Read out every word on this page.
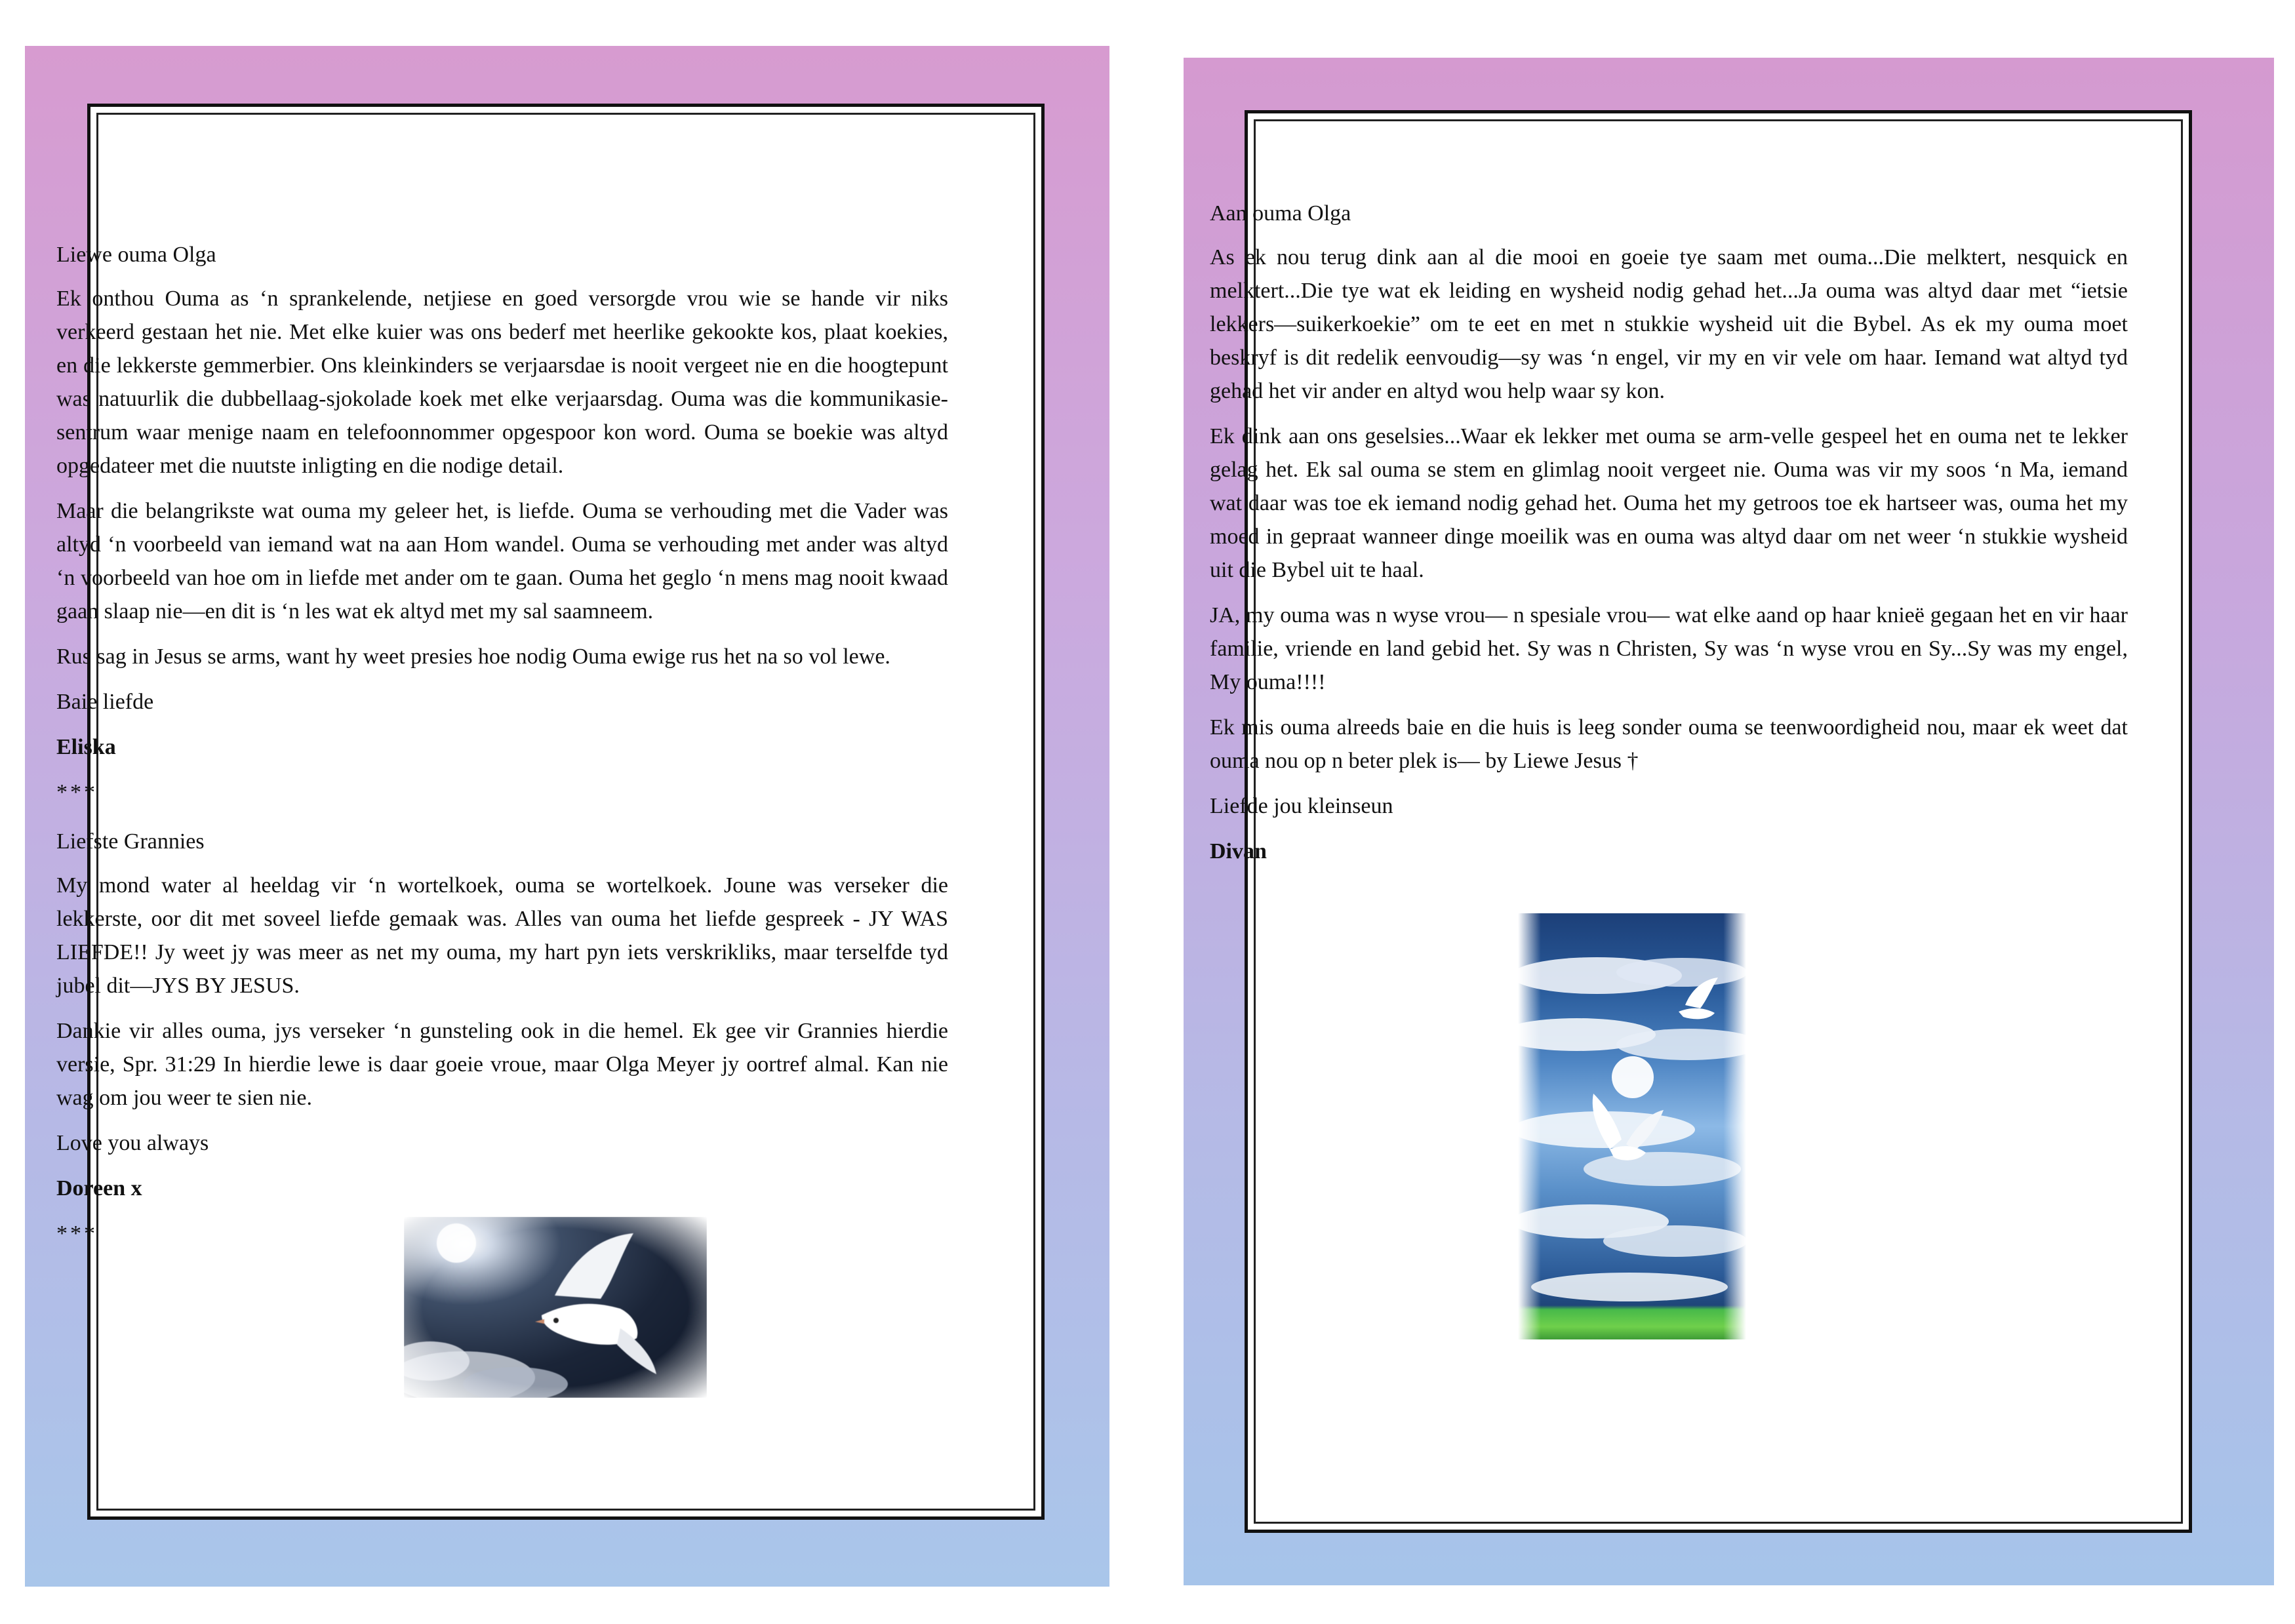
Liewe ouma Olga

Ek onthou Ouma as ‘n sprankelende, netjiese en goed versorgde vrou wie se hande vir niks verkeerd gestaan het nie. Met elke kuier was ons bederf met heerlike gekookte kos, plaat koekies, en die lekkerste gemmerbier. Ons kleinkinders se verjaarsdae is nooit vergeet nie en die hoogtepunt was natuurlik die dubbellaag-sjokolade koek met elke verjaarsdag. Ouma was die kommunikasie-sentrum waar menige naam en telefoonnommer opgespoor kon word. Ouma se boekie was altyd opgedateer met die nuutste inligting en die nodige detail.

Maar die belangrikste wat ouma my geleer het, is liefde. Ouma se verhouding met die Vader was altyd ‘n voorbeeld van iemand wat na aan Hom wandel. Ouma se verhouding met ander was altyd ‘n voorbeeld van hoe om in liefde met ander om te gaan. Ouma het geglo ‘n mens mag nooit kwaad gaan slaap nie—en dit is ‘n les wat ek altyd met my sal saamneem.

Rus sag in Jesus se arms, want hy weet presies hoe nodig Ouma ewige rus het na so vol lewe.

Baie liefde

Eliska

***

Liefste Grannies

My mond water al heeldag vir ‘n wortelkoek, ouma se wortelkoek. Joune was verseker die lekkerste, oor dit met soveel liefde gemaak was. Alles van ouma het liefde gespreek - JY WAS LIEFDE!! Jy weet jy was meer as net my ouma, my hart pyn iets verskrikliks, maar terselfde tyd jubel dit—JYS BY JESUS.

Dankie vir alles ouma, jys verseker ‘n gunsteling ook in die hemel. Ek gee vir Grannies hierdie versie, Spr. 31:29 In hierdie lewe is daar goeie vroue, maar Olga Meyer jy oortref almal. Kan nie wag om jou weer te sien nie.

Love you always

Doreen x

***

Aan ouma Olga

As ek nou terug dink aan al die mooi en goeie tye saam met ouma...Die melktert, nesquick en melktert...Die tye wat ek leiding en wysheid nodig gehad het...Ja ouma was altyd daar met “ietsie lekkers—suikerkoekie” om te eet en met n stukkie wysheid uit die Bybel. As ek my ouma moet beskryf is dit redelik eenvoudig—sy was ‘n engel, vir my en vir vele om haar. Iemand wat altyd tyd gehad het vir ander en altyd wou help waar sy kon.

Ek dink aan ons geselsies...Waar ek lekker met ouma se arm-velle gespeel het en ouma net te lekker gelag het. Ek sal ouma se stem en glimlag nooit vergeet nie. Ouma was vir my soos ‘n Ma, iemand wat daar was toe ek iemand nodig gehad het. Ouma het my getroos toe ek hartseer was, ouma het my moed in gepraat wanneer dinge moeilik was en ouma was altyd daar om net weer ‘n stukkie wysheid uit die Bybel uit te haal.

JA, my ouma was n wyse vrou— n spesiale vrou— wat elke aand op haar knieë gegaan het en vir haar familie, vriende en land gebid het. Sy was n Christen, Sy was ‘n wyse vrou en Sy...Sy was my engel, My ouma!!!!

Ek mis ouma alreeds baie en die huis is leeg sonder ouma se teenwoordigheid nou, maar ek weet dat ouma nou op n beter plek is— by Liewe Jesus †

Liefde jou kleinseun

Divan
